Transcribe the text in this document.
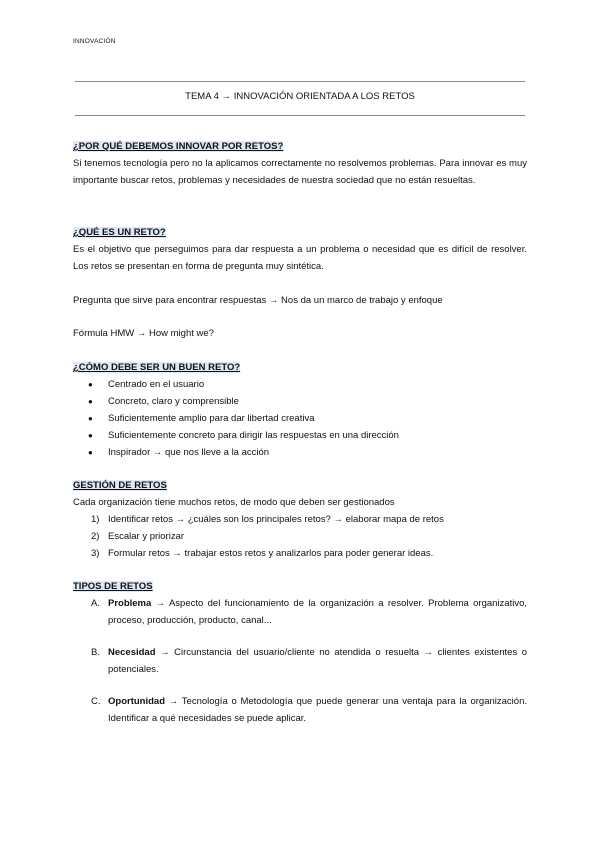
INNOVACIÓN
TEMA 4 → INNOVACIÓN ORIENTADA A LOS RETOS
¿POR QUÉ DEBEMOS INNOVAR POR RETOS?

Si tenemos tecnología pero no la aplicamos correctamente no resolvemos problemas. Para innovar es muy importante buscar retos, problemas y necesidades de nuestra sociedad que no están resueltas.

¿QUÉ ES UN RETO?

Es el objetivo que perseguimos para dar respuesta a un problema o necesidad que es difícil de resolver. Los retos se presentan en forma de pregunta muy sintética.

Pregunta que sirve para encontrar respuestas → Nos da un marco de trabajo y enfoque
Fórmula HMW → How might we?
¿CÓMO DEBE SER UN BUEN RETO?
● Centrado en el usuario
● Concreto, claro y comprensible
● Suficientemente amplio para dar libertad creativa
● Suficientemente concreto para dirigir las respuestas en una dirección
● Inspirador → que nos lleve a la acción
GESTIÓN DE RETOS

Cada organización tiene muchos retos, de modo que deben ser gestionados

1) Identificar retos → ¿cuáles son los principales retos? → elaborar mapa de retos
2) Escalar y priorizar
3) Formular retos → trabajar estos retos y analizarlos para poder generar ideas.
TIPOS DE RETOS
A. Problema → Aspecto del funcionamiento de la organización a resolver. Problema organizativo, proceso, producción, producto, canal...
B. Necesidad → Circunstancia del usuario/cliente no atendida o resuelta → clientes existentes o potenciales.
C. Oportunidad → Tecnología o Metodología que puede generar una ventaja para la organización. Identificar a qué necesidades se puede aplicar.
